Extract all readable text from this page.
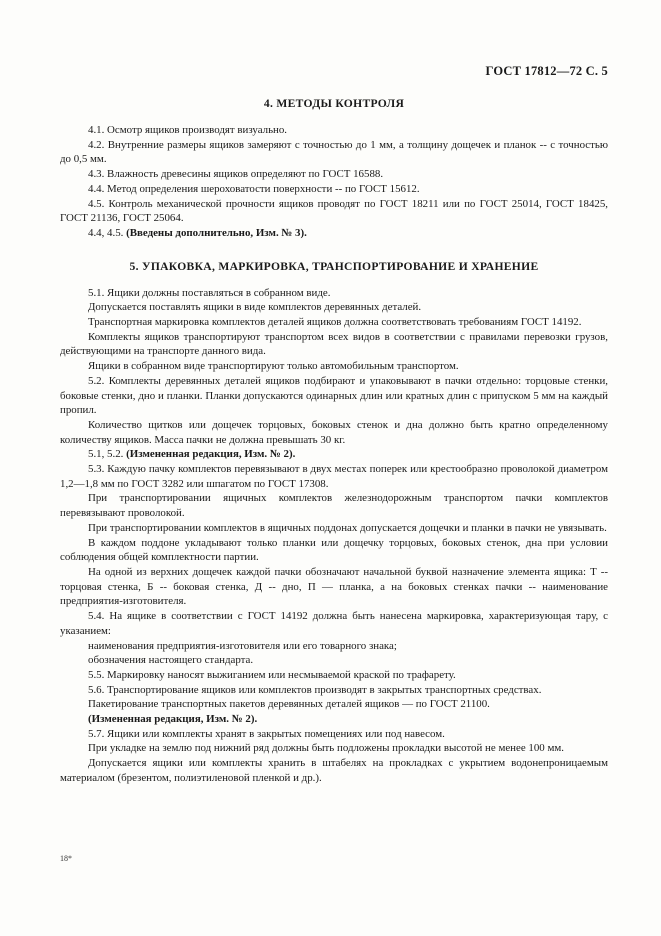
ГОСТ 17812—72 С. 5
4. МЕТОДЫ КОНТРОЛЯ

4.1. Осмотр ящиков производят визуально.

4.2. Внутренние размеры ящиков замеряют с точностью до 1 мм, а толщину дощечек и планок -- с точностью до 0,5 мм.

4.3. Влажность древесины ящиков определяют по ГОСТ 16588.

4.4. Метод определения шероховатости поверхности -- по ГОСТ 15612.

4.5. Контроль механической прочности ящиков проводят по ГОСТ 18211 или по ГОСТ 25014, ГОСТ 18425, ГОСТ 21136, ГОСТ 25064.

4.4, 4.5. (Введены дополнительно, Изм. № 3).

5. УПАКОВКА, МАРКИРОВКА, ТРАНСПОРТИРОВАНИЕ И ХРАНЕНИЕ

5.1. Ящики должны поставляться в собранном виде.

Допускается поставлять ящики в виде комплектов деревянных деталей.

Транспортная маркировка комплектов деталей ящиков должна соответствовать требованиям ГОСТ 14192.

Комплекты ящиков транспортируют транспортом всех видов в соответствии с правилами перевозки грузов, действующими на транспорте данного вида.

Ящики в собранном виде транспортируют только автомобильным транспортом.

5.2. Комплекты деревянных деталей ящиков подбирают и упаковывают в пачки отдельно: торцовые стенки, боковые стенки, дно и планки. Планки допускаются одинарных длин или кратных длин с припуском 5 мм на каждый пропил.

Количество щитков или дощечек торцовых, боковых стенок и дна должно быть кратно определенному количеству ящиков. Масса пачки не должна превышать 30 кг.

5.1, 5.2. (Измененная редакция, Изм. № 2).

5.3. Каждую пачку комплектов перевязывают в двух местах поперек или крестообразно проволокой диаметром 1,2—1,8 мм по ГОСТ 3282 или шпагатом по ГОСТ 17308.

При транспортировании ящичных комплектов железнодорожным транспортом пачки комплектов перевязывают проволокой.

При транспортировании комплектов в ящичных поддонах допускается дощечки и планки в пачки не увязывать.

В каждом поддоне укладывают только планки или дощечку торцовых, боковых стенок, дна при условии соблюдения общей комплектности партии.

На одной из верхних дощечек каждой пачки обозначают начальной буквой назначение элемента ящика: Т -- торцовая стенка, Б -- боковая стенка, Д -- дно, П — планка, а на боковых стенках пачки -- наименование предприятия-изготовителя.

5.4. На ящике в соответствии с ГОСТ 14192 должна быть нанесена маркировка, характеризующая тару, с указанием:

наименования предприятия-изготовителя или его товарного знака;

обозначения настоящего стандарта.

5.5. Маркировку наносят выжиганием или несмываемой краской по трафарету.

5.6. Транспортирование ящиков или комплектов производят в закрытых транспортных средствах.

Пакетирование транспортных пакетов деревянных деталей ящиков — по ГОСТ 21100.

(Измененная редакция, Изм. № 2).

5.7. Ящики или комплекты хранят в закрытых помещениях или под навесом.

При укладке на землю под нижний ряд должны быть подложены прокладки высотой не менее 100 мм.

Допускается ящики или комплекты хранить в штабелях на прокладках с укрытием водонепроницаемым материалом (брезентом, полиэтиленовой пленкой и др.).

18*
